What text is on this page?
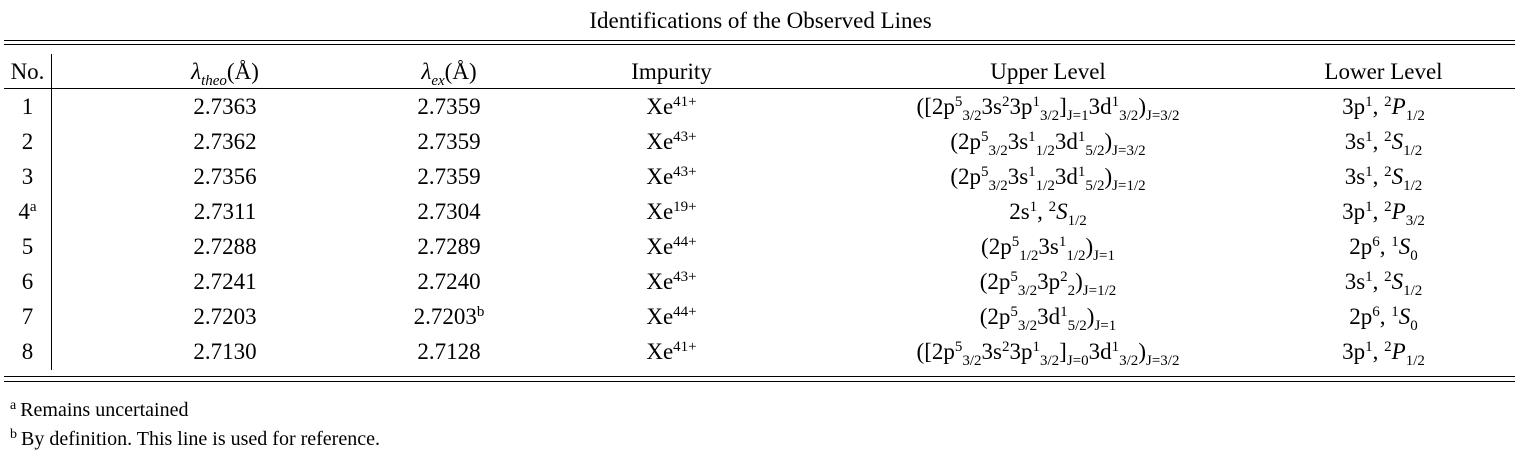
Identifications of the Observed Lines
No.	$\lambda_{theo}(Å)$	$\lambda_{ex}(Å)$	Impurity	Upper Level	Lower Level
1	2.7363	2.7359	$Xe^{41+}$	$([2p^5_{3/2}3s^23p^1_{3/2}]_{J=1}3d^1_{3/2})_{J=3/2}$	$3p^1$, $^2P_{1/2}$
2	2.7362	2.7359	$Xe^{43+}$	$(2p^5_{3/2}3s^1_{1/2}3d^1_{5/2})_{J=3/2}$	$3s^1$, $^2S_{1/2}$
3	2.7356	2.7359	$Xe^{43+}$	$(2p^5_{3/2}3s^1_{1/2}3d^1_{5/2})_{J=1/2}$	$3s^1$, $^2S_{1/2}$
4$^a$	2.7311	2.7304	$Xe^{19+}$	$2s^1$, $^2S_{1/2}$	$3p^1$, $^2P_{3/2}$
5	2.7288	2.7289	$Xe^{44+}$	$(2p^5_{1/2}3s^1_{1/2})_{J=1}$	$2p^6$, $^1S_0$
6	2.7241	2.7240	$Xe^{43+}$	$(2p^5_{3/2}3p^2_2)_{J=1/2}$	$3s^1$, $^2S_{1/2}$
7	2.7203	2.7203$^b$	$Xe^{44+}$	$(2p^5_{3/2}3d^1_{5/2})_{J=1}$	$2p^6$, $^1S_0$
8	2.7130	2.7128	$Xe^{41+}$	$([2p^5_{3/2}3s^23p^1_{3/2}]_{J=0}3d^1_{3/2})_{J=3/2}$	$3p^1$, $^2P_{1/2}$
$^a$ Remains uncertained
$^b$ By definition. This line is used for reference.
